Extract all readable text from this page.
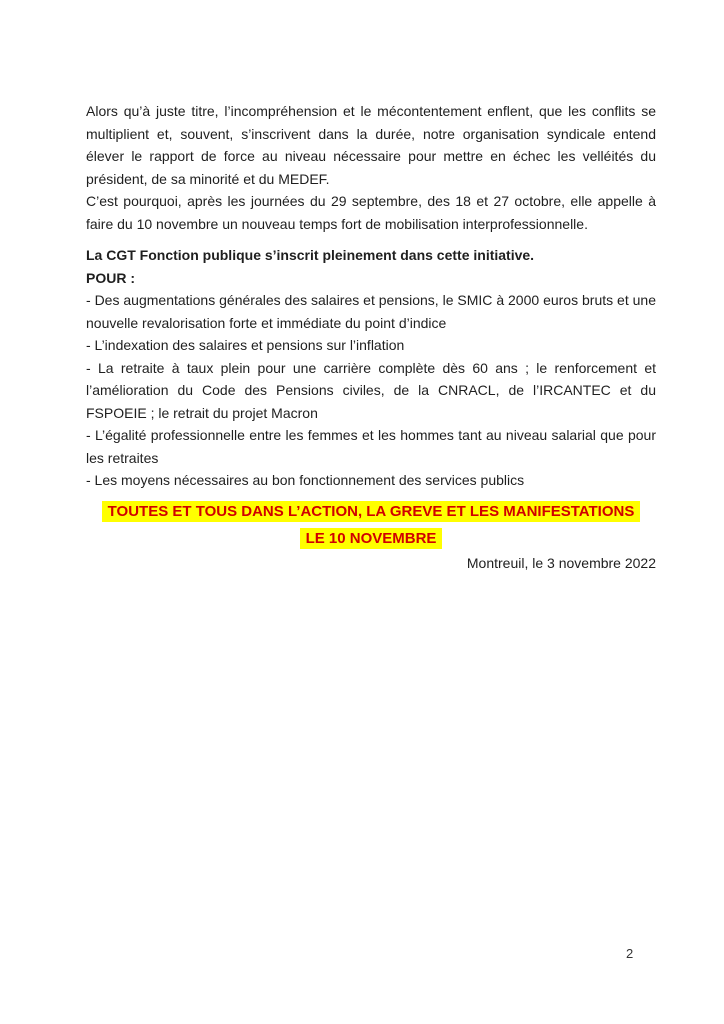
Alors qu’à juste titre, l’incompréhension et le mécontentement enflent, que les conflits se multiplient et, souvent, s’inscrivent dans la durée, notre organisation syndicale entend élever le rapport de force au niveau nécessaire pour mettre en échec les velléités du président, de sa minorité et du MEDEF.

C’est pourquoi, après les journées du 29 septembre, des 18 et 27 octobre, elle appelle à faire du 10 novembre un nouveau temps fort de mobilisation interprofessionnelle.

La CGT Fonction publique s’inscrit pleinement dans cette initiative.

POUR :

- Des augmentations générales des salaires et pensions, le SMIC à 2000 euros bruts et une nouvelle revalorisation forte et immédiate du point d’indice

- L’indexation des salaires et pensions sur l’inflation

- La retraite à taux plein pour une carrière complète dès 60 ans ; le renforcement et l’amélioration du Code des Pensions civiles, de la CNRACL, de l’IRCANTEC et du FSPOEIE ; le retrait du projet Macron

- L’égalité professionnelle entre les femmes et les hommes tant au niveau salarial que pour les retraites

- Les moyens nécessaires au bon fonctionnement des services publics

TOUTES ET TOUS DANS L’ACTION, LA GREVE ET LES MANIFESTATIONS
LE 10 NOVEMBRE

Montreuil, le 3 novembre 2022

2
